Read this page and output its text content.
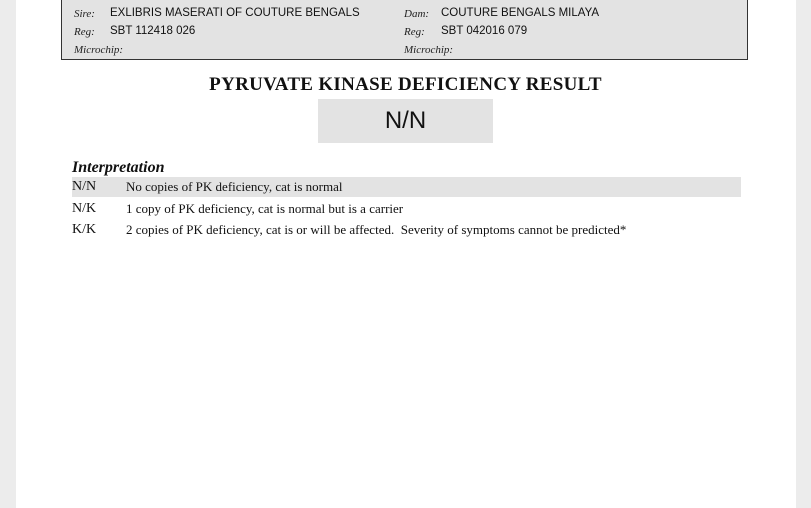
Sire: EXLIBRIS MASERATI OF COUTURE BENGALS
Reg: SBT 112418 026
Microchip:
Dam: COUTURE BENGALS MILAYA
Reg: SBT 042016 079
Microchip:
PYRUVATE KINASE DEFICIENCY RESULT
N/N
Interpretation
N/N No copies of PK deficiency, cat is normal
N/K 1 copy of PK deficiency, cat is normal but is a carrier
K/K 2 copies of PK deficiency, cat is or will be affected.  Severity of symptoms cannot be predicted*
